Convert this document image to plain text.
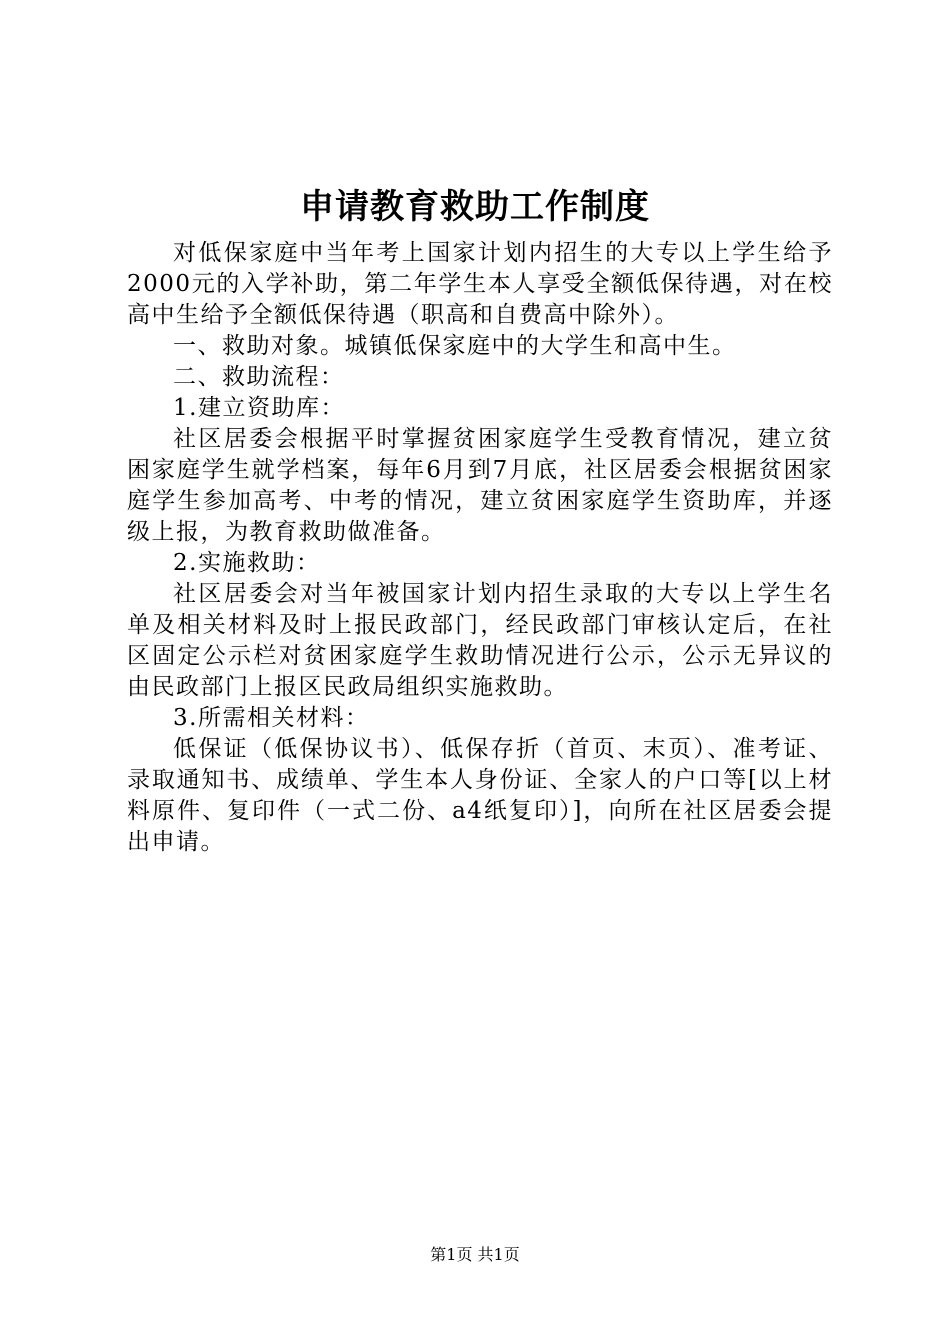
申请教育救助工作制度

对低保家庭中当年考上国家计划内招生的大专以上学生给予2000元的入学补助，第二年学生本人享受全额低保待遇，对在校高中生给予全额低保待遇（职高和自费高中除外）。

一、救助对象。城镇低保家庭中的大学生和高中生。

二、救助流程：

1.建立资助库：

社区居委会根据平时掌握贫困家庭学生受教育情况，建立贫困家庭学生就学档案，每年6月到7月底，社区居委会根据贫困家庭学生参加高考、中考的情况，建立贫困家庭学生资助库，并逐级上报，为教育救助做准备。

2.实施救助：

社区居委会对当年被国家计划内招生录取的大专以上学生名单及相关材料及时上报民政部门，经民政部门审核认定后，在社区固定公示栏对贫困家庭学生救助情况进行公示，公示无异议的由民政部门上报区民政局组织实施救助。

3.所需相关材料：

低保证（低保协议书）、低保存折（首页、末页）、准考证、录取通知书、成绩单、学生本人身份证、全家人的户口等[以上材料原件、复印件（一式二份、a4纸复印）]，向所在社区居委会提出申请。

第1页 共1页
